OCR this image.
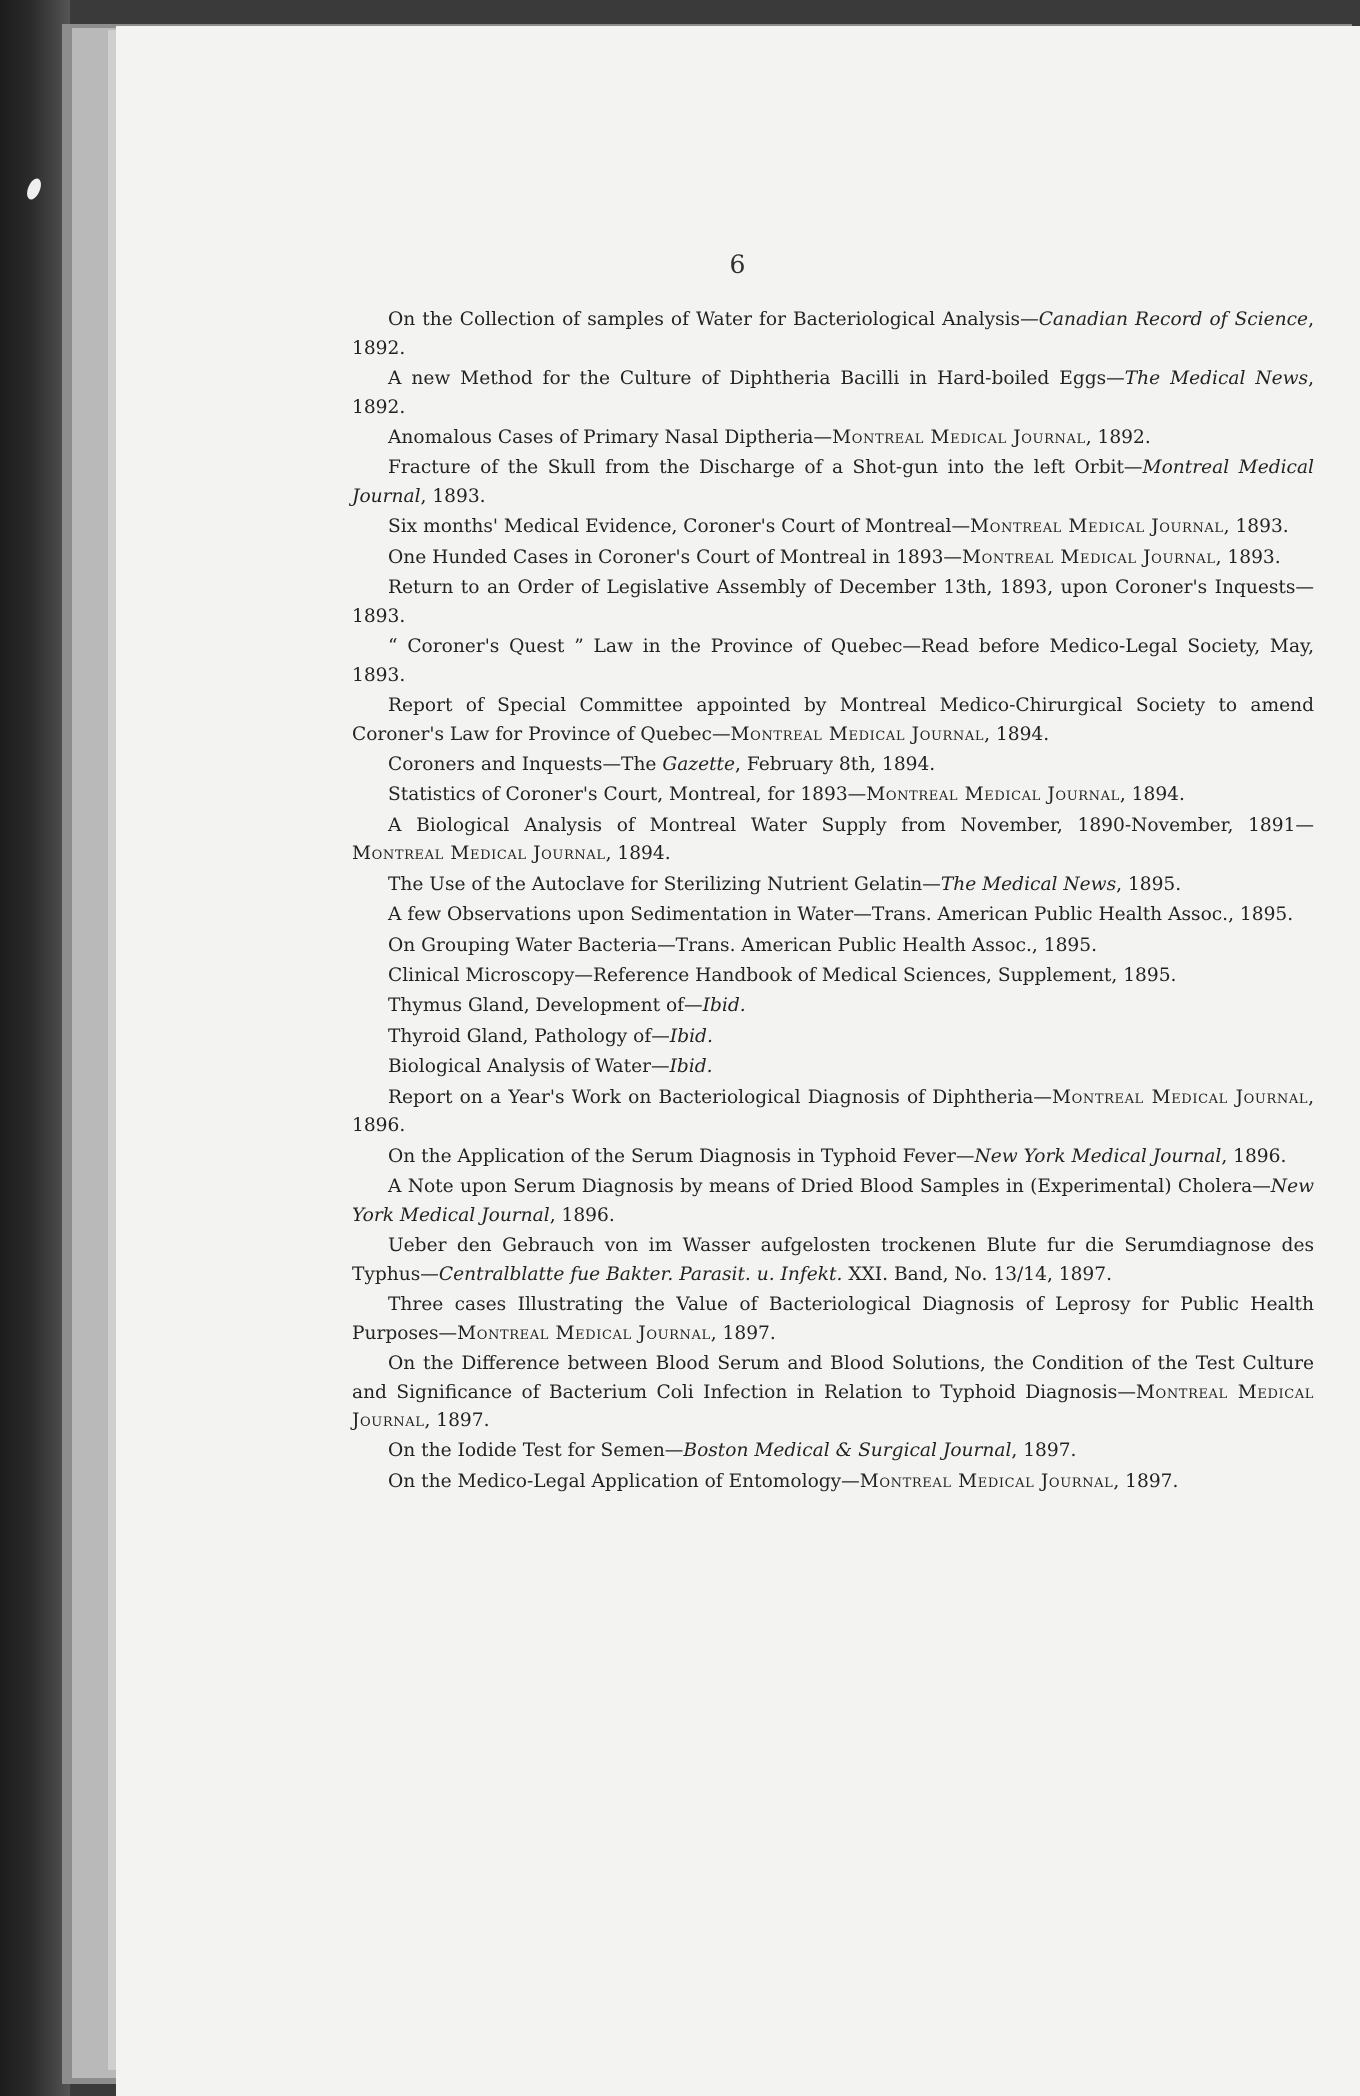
6

On the Collection of samples of Water for Bacteriological Analysis—Canadian Record of Science, 1892.

A new Method for the Culture of Diphtheria Bacilli in Hard-boiled Eggs—The Medical News, 1892.

Anomalous Cases of Primary Nasal Diptheria—Montreal Medical Journal, 1892.

Fracture of the Skull from the Discharge of a Shot-gun into the left Orbit—Montreal Medical Journal, 1893.

Six months' Medical Evidence, Coroner's Court of Montreal—Montreal Medical Journal, 1893.

One Hunded Cases in Coroner's Court of Montreal in 1893—Montreal Medical Journal, 1893.

Return to an Order of Legislative Assembly of December 13th, 1893, upon Coroner's Inquests—1893.

“ Coroner's Quest ” Law in the Province of Quebec—Read before Medico-Legal Society, May, 1893.

Report of Special Committee appointed by Montreal Medico-Chirurgical Society to amend Coroner's Law for Province of Quebec—Montreal Medical Journal, 1894.

Coroners and Inquests—The Gazette, February 8th, 1894.

Statistics of Coroner's Court, Montreal, for 1893—Montreal Medical Journal, 1894.

A Biological Analysis of Montreal Water Supply from November, 1890-November, 1891—Montreal Medical Journal, 1894.

The Use of the Autoclave for Sterilizing Nutrient Gelatin—The Medical News, 1895.

A few Observations upon Sedimentation in Water—Trans. American Public Health Assoc., 1895.

On Grouping Water Bacteria—Trans. American Public Health Assoc., 1895.

Clinical Microscopy—Reference Handbook of Medical Sciences, Supplement, 1895.

Thymus Gland, Development of—Ibid.

Thyroid Gland, Pathology of—Ibid.

Biological Analysis of Water—Ibid.

Report on a Year's Work on Bacteriological Diagnosis of Diphtheria—Montreal Medical Journal, 1896.

On the Application of the Serum Diagnosis in Typhoid Fever—New York Medical Journal, 1896.

A Note upon Serum Diagnosis by means of Dried Blood Samples in (Experimental) Cholera—New York Medical Journal, 1896.

Ueber den Gebrauch von im Wasser aufgelosten trockenen Blute fur die Serumdiagnose des Typhus—Centralblatte fue Bakter. Parasit. u. Infekt. XXI. Band, No. 13/14, 1897.

Three cases Illustrating the Value of Bacteriological Diagnosis of Leprosy for Public Health Purposes—Montreal Medical Journal, 1897.

On the Difference between Blood Serum and Blood Solutions, the Condition of the Test Culture and Significance of Bacterium Coli Infection in Relation to Typhoid Diagnosis—Montreal Medical Journal, 1897.

On the Iodide Test for Semen—Boston Medical & Surgical Journal, 1897.

On the Medico-Legal Application of Entomology—Montreal Medical Journal, 1897.
